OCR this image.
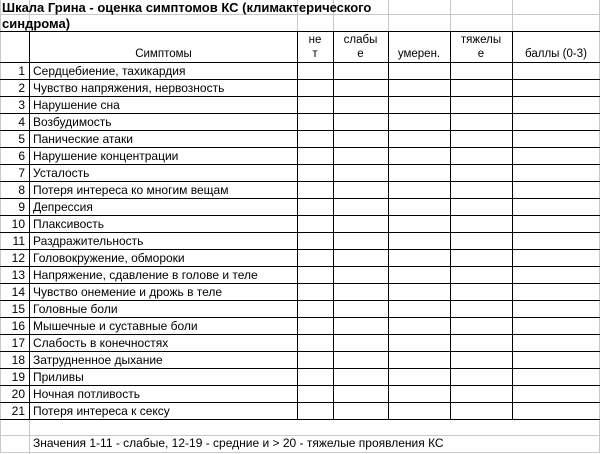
Шкала Грина - оценка симптомов КС (климактерического синдрома)
Симптомы
не
т
слабы
е	умерен.
тяжелы
е	баллы (0-3)
1 Сердцебиение, тахикардия
2 Чувство напряжения, нервозность
3 Нарушение сна
4 Возбудимость
5 Панические атаки
6 Нарушение концентрации
7 Усталость
8 Потеря интереса ко многим вещам
9 Депрессия
10 Плаксивость
11 Раздражительность
12 Головокружение, обмороки
13 Напряжение, сдавление в голове и теле
14 Чувство онемение и дрожь в теле
15 Головные боли
16 Мышечные и суставные боли
17 Слабость в конечностях
18 Затрудненное дыхание
19 Приливы
20 Ночная потливость
21 Потеря интереса к сексу
Значения 1-11 - слабые, 12-19 - средние и > 20 - тяжелые проявления КС
